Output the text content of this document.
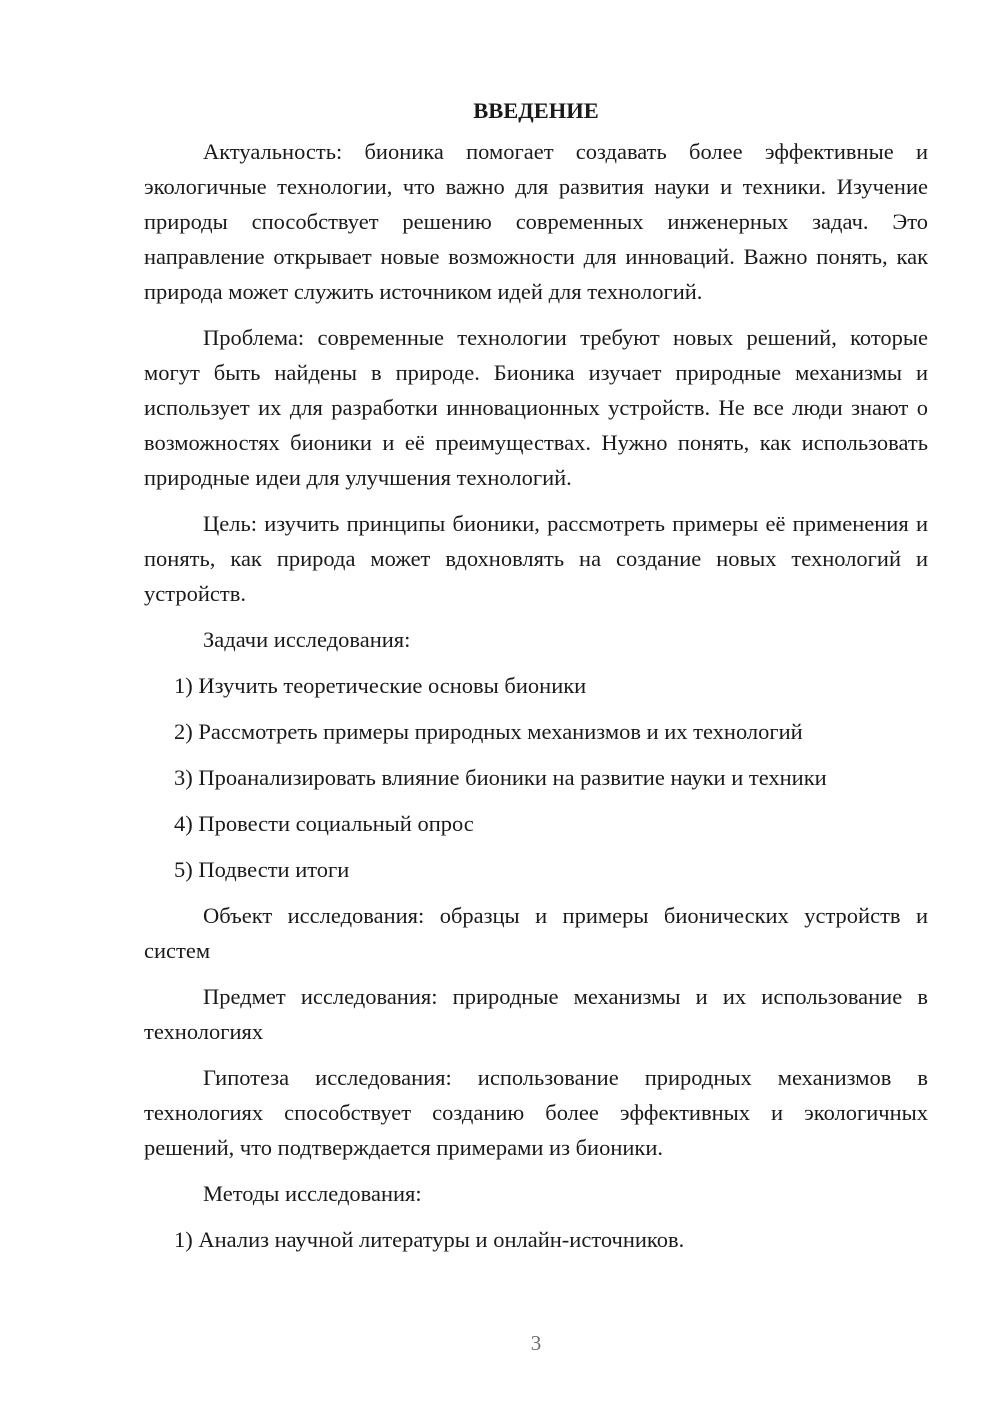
ВВЕДЕНИЕ

Актуальность: бионика помогает создавать более эффективные и экологичные технологии, что важно для развития науки и техники. Изучение природы способствует решению современных инженерных задач. Это направление открывает новые возможности для инноваций. Важно понять, как природа может служить источником идей для технологий.

Проблема: современные технологии требуют новых решений, которые могут быть найдены в природе. Бионика изучает природные механизмы и использует их для разработки инновационных устройств. Не все люди знают о возможностях бионики и её преимуществах. Нужно понять, как использовать природные идеи для улучшения технологий.

Цель: изучить принципы бионики, рассмотреть примеры её применения и понять, как природа может вдохновлять на создание новых технологий и устройств.

Задачи исследования:

1) Изучить теоретические основы бионики
2) Рассмотреть примеры природных механизмов и их технологий
3) Проанализировать влияние бионики на развитие науки и техники
4) Провести социальный опрос
5) Подвести итоги

Объект исследования: образцы и примеры бионических устройств и систем

Предмет исследования: природные механизмы и их использование в технологиях

Гипотеза исследования: использование природных механизмов в технологиях способствует созданию более эффективных и экологичных решений, что подтверждается примерами из бионики.

Методы исследования:

1) Анализ научной литературы и онлайн-источников.
3
